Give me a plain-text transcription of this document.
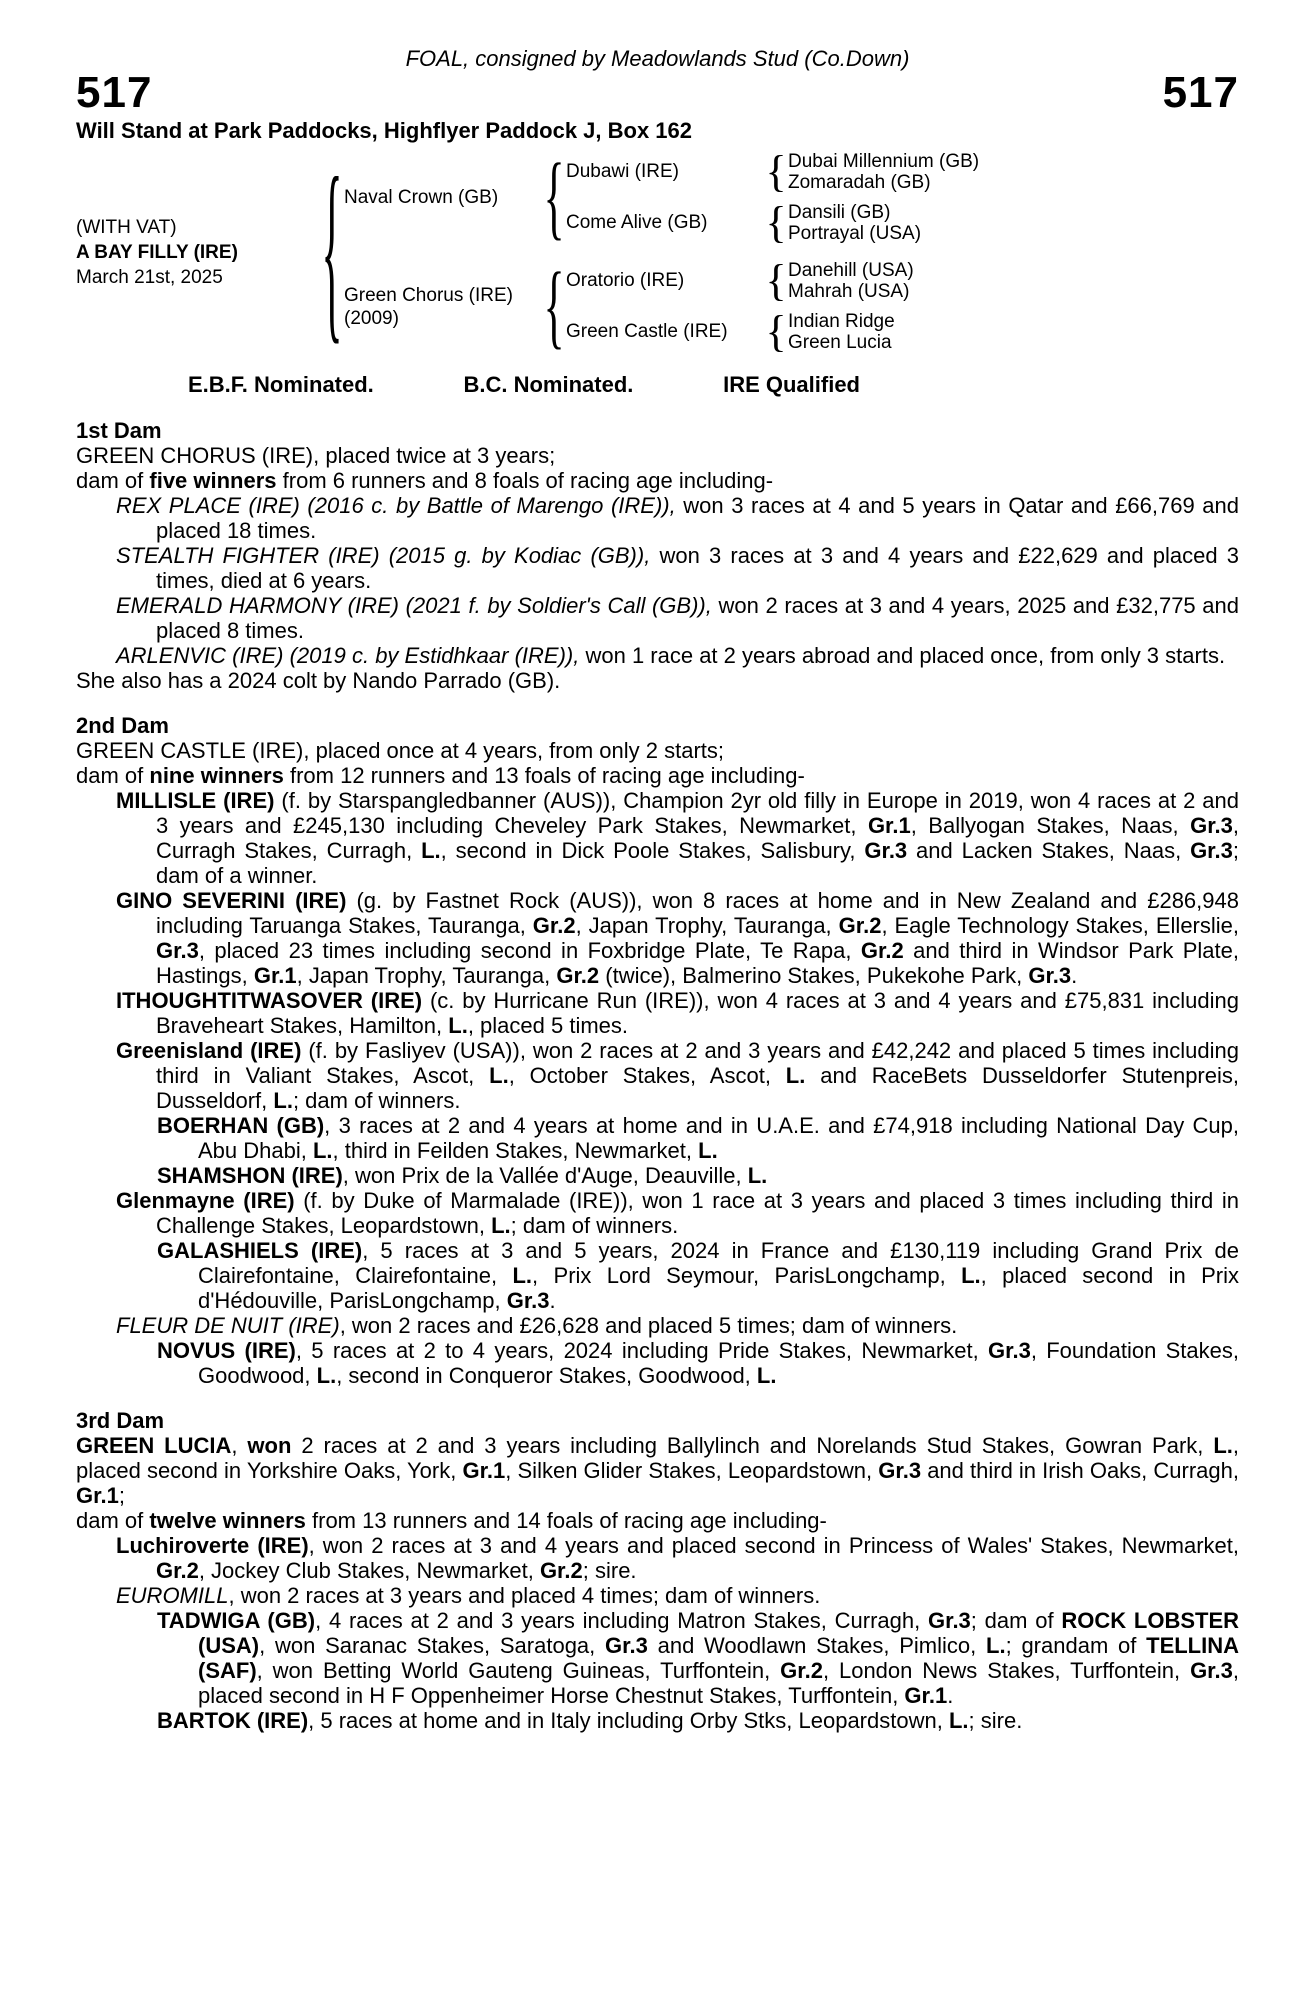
FOAL, consigned by Meadowlands Stud (Co.Down)
517	517
Will Stand at Park Paddocks, Highflyer Paddock J, Box 162
(WITH VAT)
A BAY FILLY (IRE)
March 21st, 2025	{ Naval Crown (GB)	{ Dubawi (IRE)	{ Dubai Millennium (GB)
Zomaradah (GB)
Come Alive (GB)	{ Dansili (GB)
Portrayal (USA)
Green Chorus (IRE)
(2009)	{ Oratorio (IRE)	{ Danehill (USA)
Mahrah (USA)
Green Castle (IRE) { Indian Ridge
Green Lucia
E.B.F. Nominated.	B.C. Nominated.	IRE Qualified
1st Dam

GREEN CHORUS (IRE), placed twice at 3 years;

dam of five winners from 6 runners and 8 foals of racing age including-

REX PLACE (IRE) (2016 c. by Battle of Marengo (IRE)), won 3 races at 4 and 5 years in Qatar and £66,769 and placed 18 times.

STEALTH FIGHTER (IRE) (2015 g. by Kodiac (GB)), won 3 races at 3 and 4 years and £22,629 and placed 3 times, died at 6 years.

EMERALD HARMONY (IRE) (2021 f. by Soldier's Call (GB)), won 2 races at 3 and 4 years, 2025 and £32,775 and placed 8 times.

ARLENVIC (IRE) (2019 c. by Estidhkaar (IRE)), won 1 race at 2 years abroad and placed once, from only 3 starts.

She also has a 2024 colt by Nando Parrado (GB).

2nd Dam

GREEN CASTLE (IRE), placed once at 4 years, from only 2 starts;

dam of nine winners from 12 runners and 13 foals of racing age including-

MILLISLE (IRE) (f. by Starspangledbanner (AUS)), Champion 2yr old filly in Europe in 2019, won 4 races at 2 and 3 years and £245,130 including Cheveley Park Stakes, Newmarket, Gr.1, Ballyogan Stakes, Naas, Gr.3, Curragh Stakes, Curragh, L., second in Dick Poole Stakes, Salisbury, Gr.3 and Lacken Stakes, Naas, Gr.3; dam of a winner.

GINO SEVERINI (IRE) (g. by Fastnet Rock (AUS)), won 8 races at home and in New Zealand and £286,948 including Taruanga Stakes, Tauranga, Gr.2, Japan Trophy, Tauranga, Gr.2, Eagle Technology Stakes, Ellerslie, Gr.3, placed 23 times including second in Foxbridge Plate, Te Rapa, Gr.2 and third in Windsor Park Plate, Hastings, Gr.1, Japan Trophy, Tauranga, Gr.2 (twice), Balmerino Stakes, Pukekohe Park, Gr.3.

ITHOUGHTITWASOVER (IRE) (c. by Hurricane Run (IRE)), won 4 races at 3 and 4 years and £75,831 including Braveheart Stakes, Hamilton, L., placed 5 times.

Greenisland (IRE) (f. by Fasliyev (USA)), won 2 races at 2 and 3 years and £42,242 and placed 5 times including third in Valiant Stakes, Ascot, L., October Stakes, Ascot, L. and RaceBets Dusseldorfer Stutenpreis, Dusseldorf, L.; dam of winners.

BOERHAN (GB), 3 races at 2 and 4 years at home and in U.A.E. and £74,918 including National Day Cup, Abu Dhabi, L., third in Feilden Stakes, Newmarket, L.

SHAMSHON (IRE), won Prix de la Vallée d'Auge, Deauville, L.

Glenmayne (IRE) (f. by Duke of Marmalade (IRE)), won 1 race at 3 years and placed 3 times including third in Challenge Stakes, Leopardstown, L.; dam of winners.

GALASHIELS (IRE), 5 races at 3 and 5 years, 2024 in France and £130,119 including Grand Prix de Clairefontaine, Clairefontaine, L., Prix Lord Seymour, ParisLongchamp, L., placed second in Prix d'Hédouville, ParisLongchamp, Gr.3.

FLEUR DE NUIT (IRE), won 2 races and £26,628 and placed 5 times; dam of winners.

NOVUS (IRE), 5 races at 2 to 4 years, 2024 including Pride Stakes, Newmarket, Gr.3, Foundation Stakes, Goodwood, L., second in Conqueror Stakes, Goodwood, L.

3rd Dam

GREEN LUCIA, won 2 races at 2 and 3 years including Ballylinch and Norelands Stud Stakes, Gowran Park, L., placed second in Yorkshire Oaks, York, Gr.1, Silken Glider Stakes, Leopardstown, Gr.3 and third in Irish Oaks, Curragh, Gr.1;

dam of twelve winners from 13 runners and 14 foals of racing age including-

Luchiroverte (IRE), won 2 races at 3 and 4 years and placed second in Princess of Wales' Stakes, Newmarket, Gr.2, Jockey Club Stakes, Newmarket, Gr.2; sire.

EUROMILL, won 2 races at 3 years and placed 4 times; dam of winners.

TADWIGA (GB), 4 races at 2 and 3 years including Matron Stakes, Curragh, Gr.3; dam of ROCK LOBSTER (USA), won Saranac Stakes, Saratoga, Gr.3 and Woodlawn Stakes, Pimlico, L.; grandam of TELLINA (SAF), won Betting World Gauteng Guineas, Turffontein, Gr.2, London News Stakes, Turffontein, Gr.3, placed second in H F Oppenheimer Horse Chestnut Stakes, Turffontein, Gr.1.

BARTOK (IRE), 5 races at home and in Italy including Orby Stks, Leopardstown, L.; sire.
